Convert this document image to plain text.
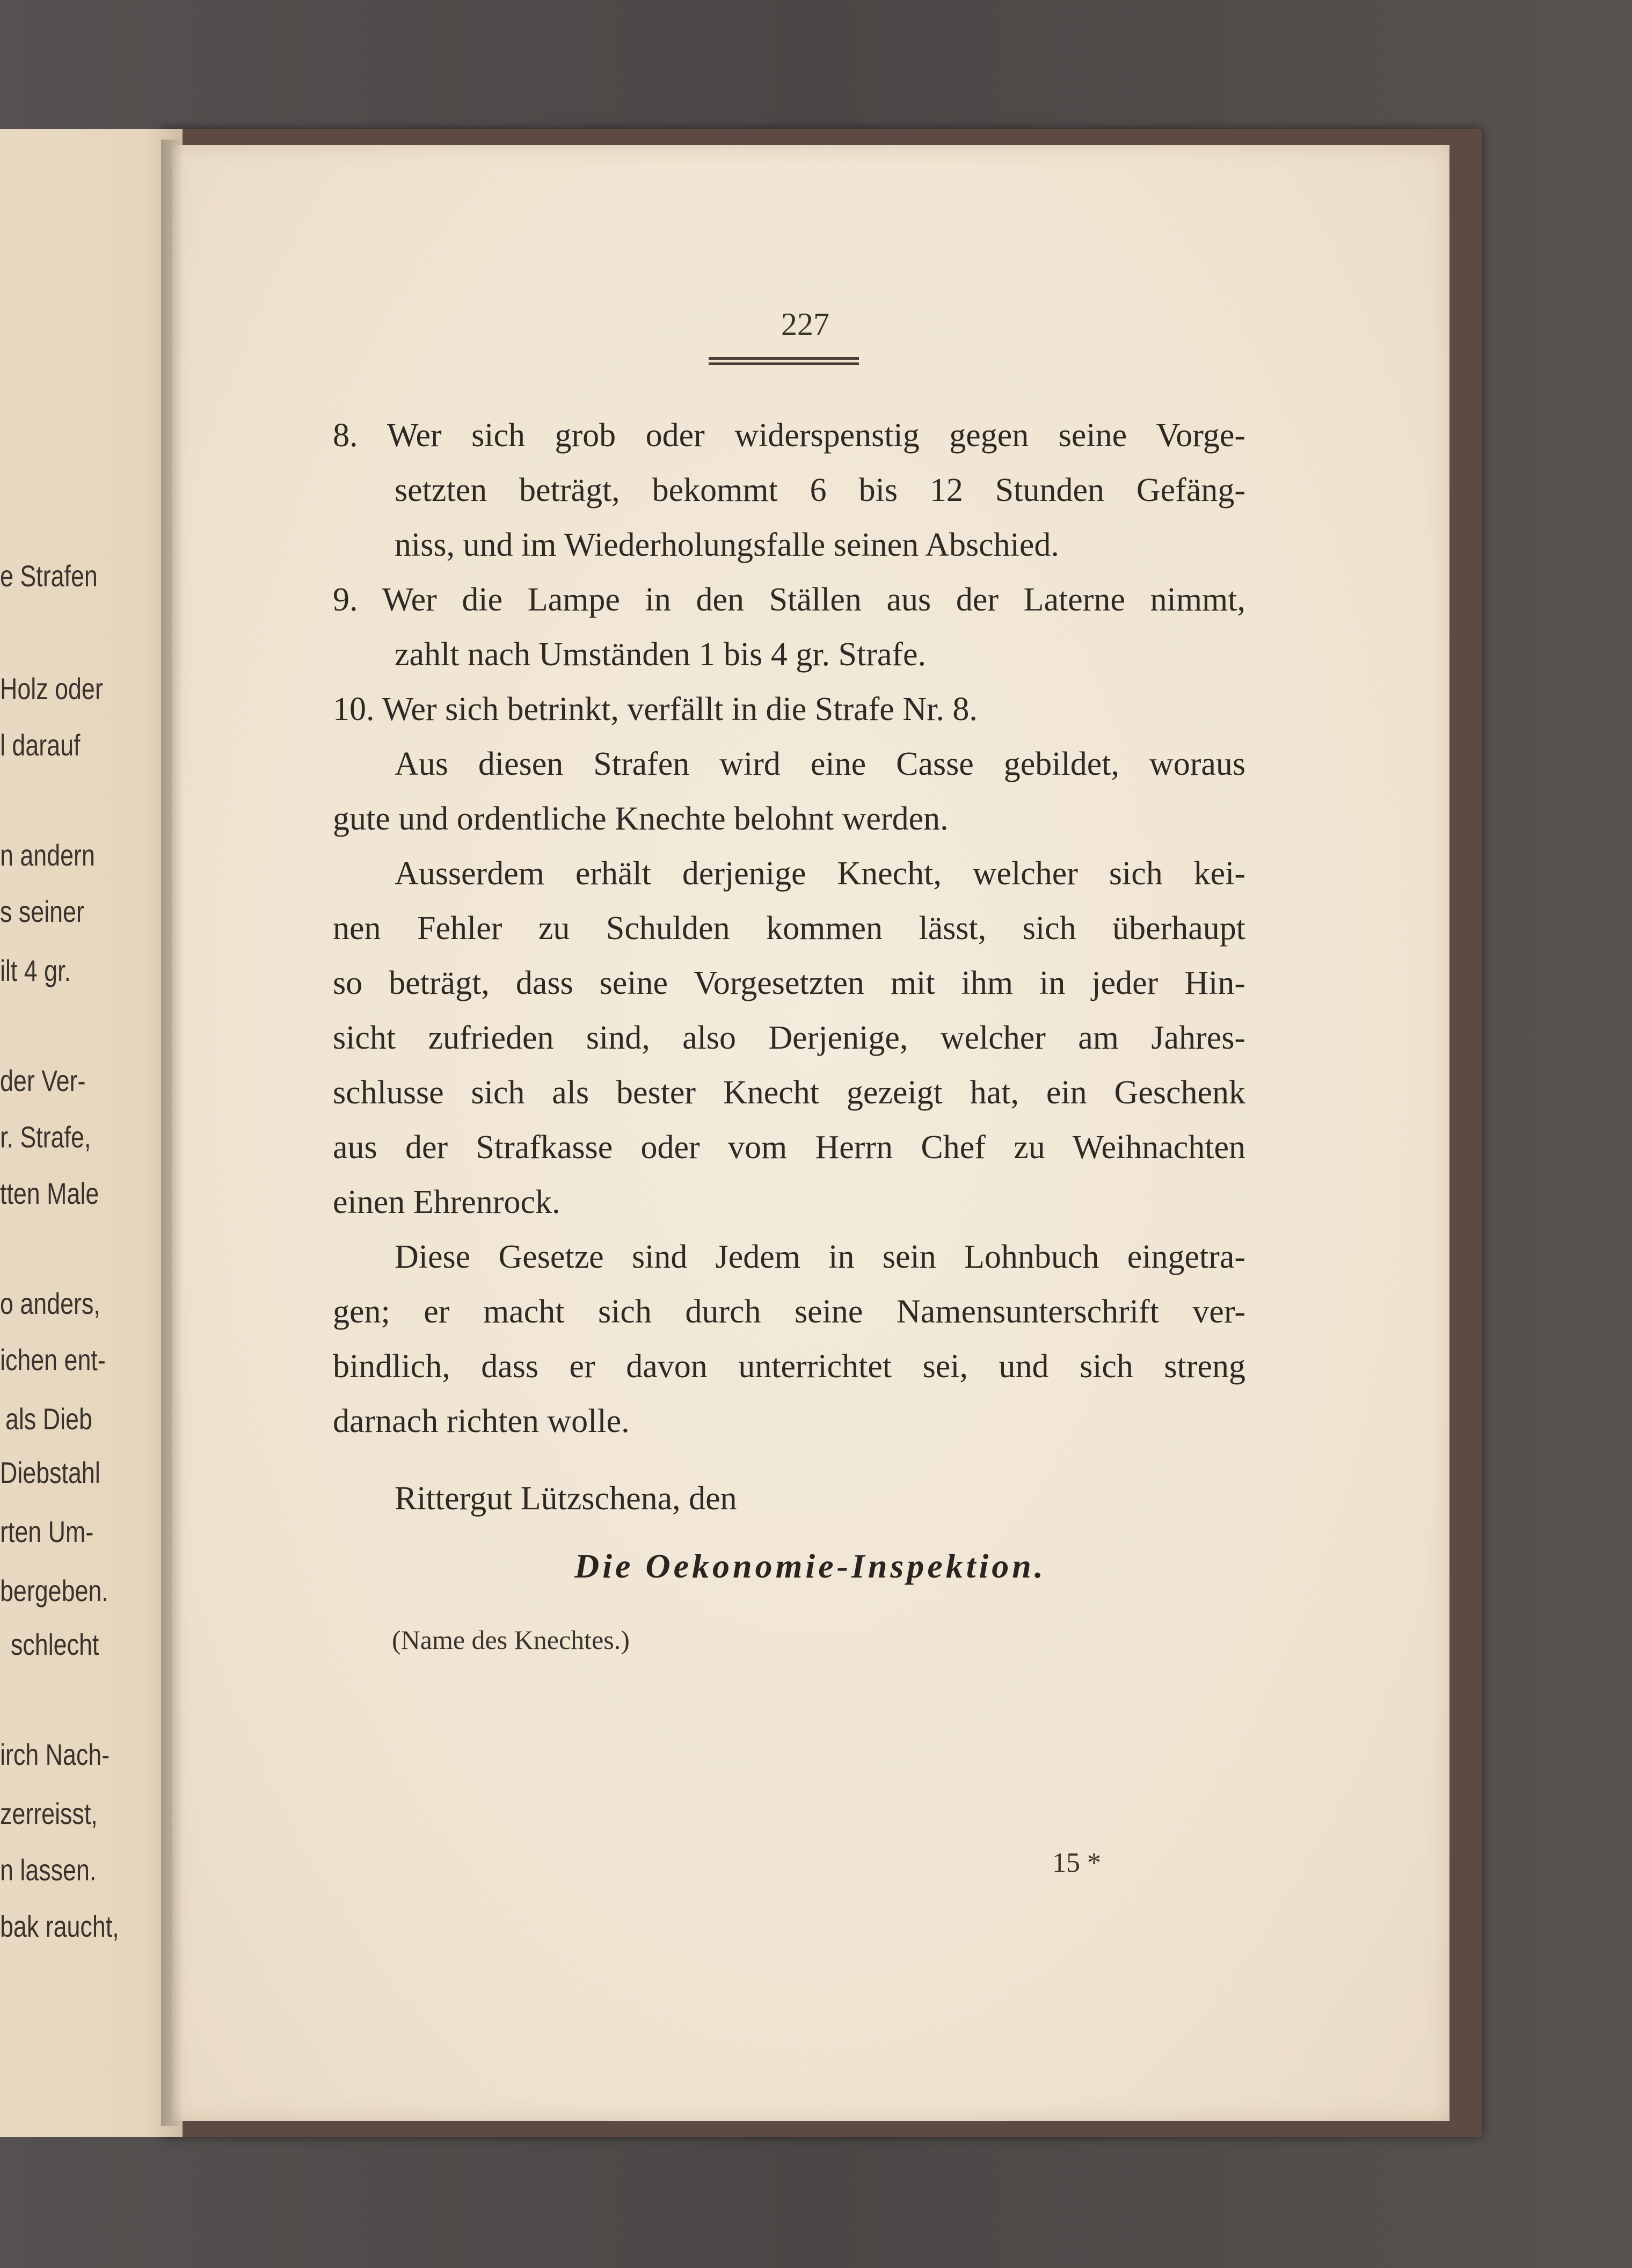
e Strafen
Holz oder
l darauf
n andern
s seiner
ilt 4 gr.
der Ver-
r. Strafe,
tten Male
o anders,
ichen ent-
als Dieb
Diebstahl
rten Um-
bergeben.
schlecht
irch Nach-
zerreisst,
n lassen.
bak raucht,
227
8. Wer sich grob oder widerspenstig gegen seine Vorge-
setzten beträgt, bekommt 6 bis 12 Stunden Gefäng-
niss, und im Wiederholungsfalle seinen Abschied.
9. Wer die Lampe in den Ställen aus der Laterne nimmt,
zahlt nach Umständen 1 bis 4 gr. Strafe.
10. Wer sich betrinkt, verfällt in die Strafe Nr. 8.
Aus diesen Strafen wird eine Casse gebildet, woraus
gute und ordentliche Knechte belohnt werden.
Ausserdem erhält derjenige Knecht, welcher sich kei-
nen Fehler zu Schulden kommen lässt, sich überhaupt
so beträgt, dass seine Vorgesetzten mit ihm in jeder Hin-
sicht zufrieden sind, also Derjenige, welcher am Jahres-
schlusse sich als bester Knecht gezeigt hat, ein Geschenk
aus der Strafkasse oder vom Herrn Chef zu Weihnachten
einen Ehrenrock.
Diese Gesetze sind Jedem in sein Lohnbuch eingetra-
gen; er macht sich durch seine Namensunterschrift ver-
bindlich, dass er davon unterrichtet sei, und sich streng
darnach richten wolle.
Rittergut Lützschena, den
Die Oekonomie-Inspektion.
(Name des Knechtes.)
15 *
